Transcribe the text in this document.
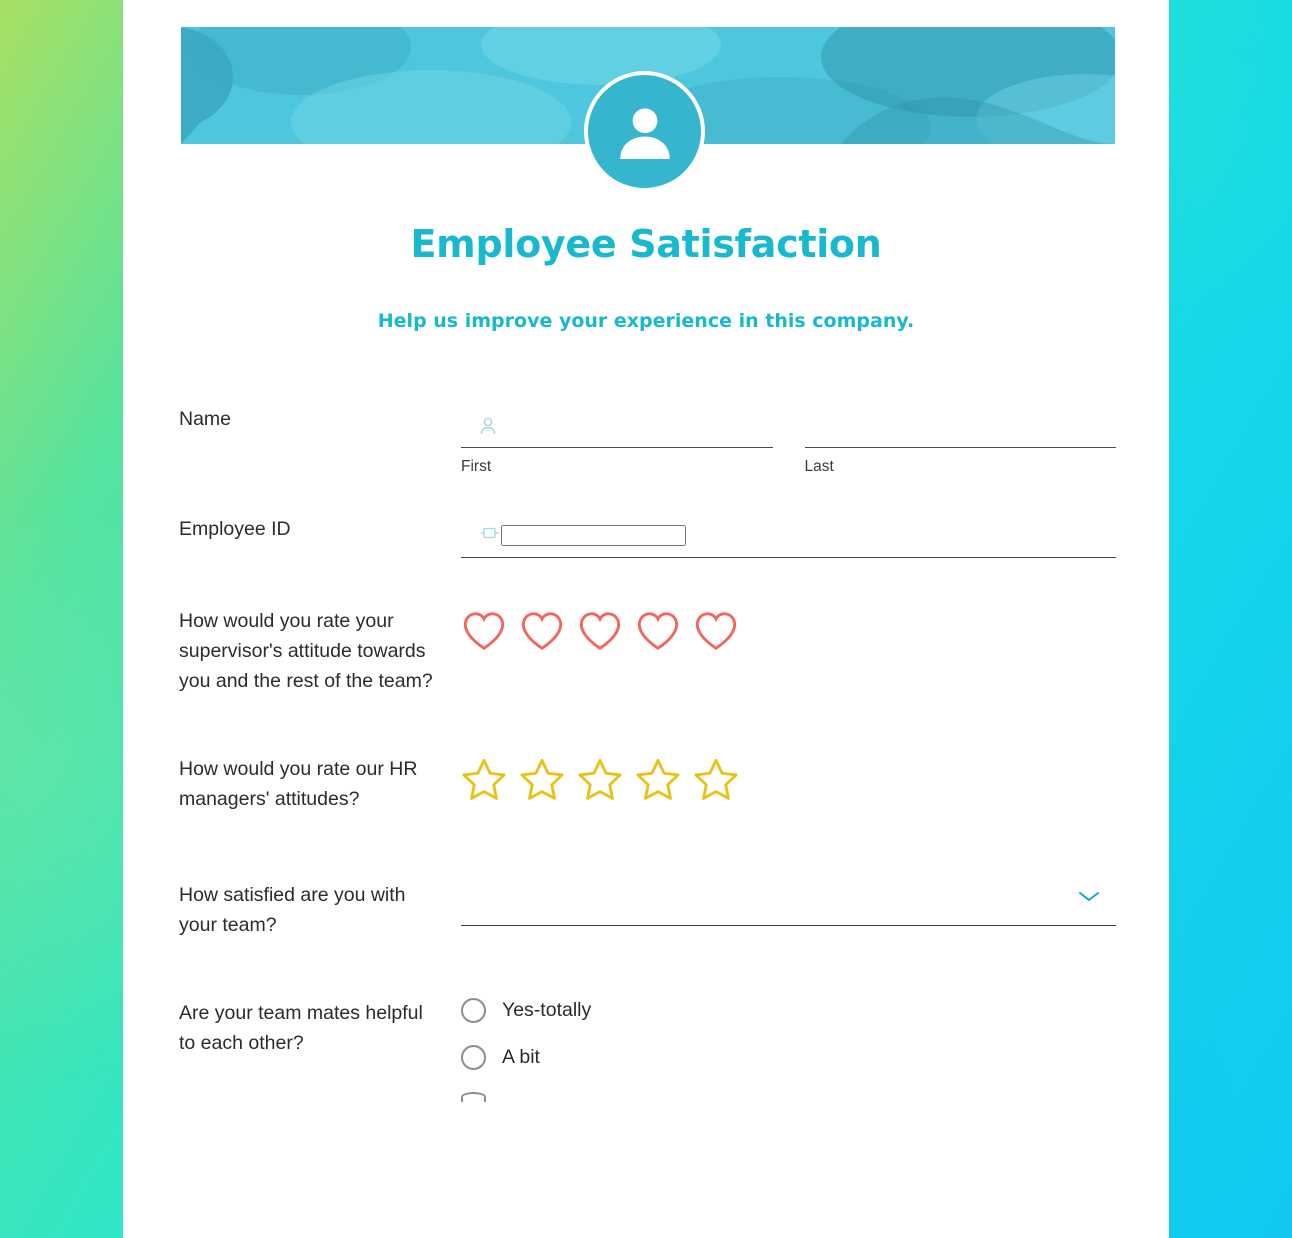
Employee Satisfaction
Help us improve your experience in this company.
Name
First	Last
Employee ID
How would you rate your supervisor's attitude towards you and the rest of the team?
How would you rate our HR managers' attitudes?
How satisfied are you with your team?
Are your team mates helpful to each other?
Yes-totally
A bit
